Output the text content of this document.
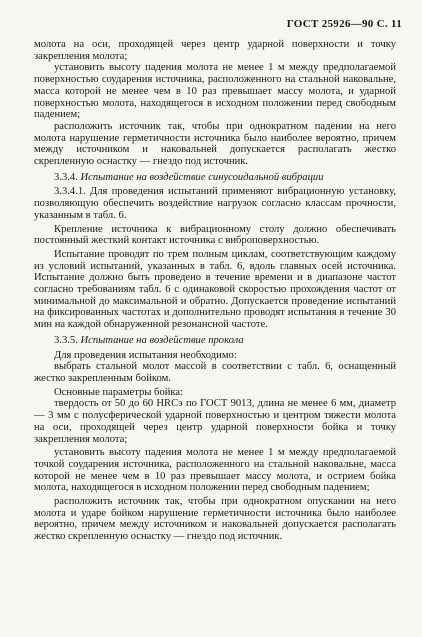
ГОСТ 25926—90 С. 11

молота на оси, проходящей через центр ударной поверхности и точку закрепления молота;

установить высоту падения молота не менее 1 м между предполагаемой поверхностью соударения источника, расположенного на стальной наковальне, масса которой не менее чем в 10 раз превышает массу молота, и ударной поверхностью молота, находящегося в исходном положении перед свободным падением;

расположить источник так, чтобы при однократном падении на него молота нарушение герметичности источника было наиболее вероятно, причем между источником и наковальней допускается располагать жестко скрепленную оснастку — гнездо под источник.

3.3.4. Испытание на воздействие синусоидальной вибрации

3.3.4.1. Для проведения испытаний применяют вибрационную установку, позволяющую обеспечить воздействие нагрузок согласно классам прочности, указанным в табл. 6.

Крепление источника к вибрационному столу должно обеспечивать постоянный жесткий контакт источника с виброповерхностью.

Испытание проводят по трем полным циклам, соответствующим каждому из условий испытаний, указанных в табл. 6, вдоль главных осей источника. Испытание должно быть проведено в течение времени и в диапазоне частот согласно требованиям табл. 6 с одинаковой скоростью прохождения частот от минимальной до максимальной и обратно. Допускается проведение испытаний на фиксированных частотах и дополнительно проводят испытания в течение 30 мин на каждой обнаруженной резонансной частоте.

3.3.5. Испытание на воздействие прокола

Для проведения испытания необходимо:

выбрать стальной молот массой в соответствии с табл. 6, оснащенный жестко закрепленным бойком.

Основные параметры бойка:

твердость от 50 до 60 HRCэ по ГОСТ 9013, длина не менее 6 мм, диаметр — 3 мм с полусферической ударной поверхностью и центром тяжести молота на оси, проходящей через центр ударной поверхности бойка и точку закрепления молота;

установить высоту падения молота не менее 1 м между предполагаемой точкой соударения источника, расположенного на стальной наковальне, масса которой не менее чем в 10 раз превышает массу молота, и острием бойка молота, находящегося в исходном положении перед свободным падением;

расположить источник так, чтобы при однократном опускании на него молота и ударе бойком нарушение герметичности источника было наиболее вероятно, причем между источником и наковальней допускается располагать жестко скрепленную оснастку — гнездо под источник.
